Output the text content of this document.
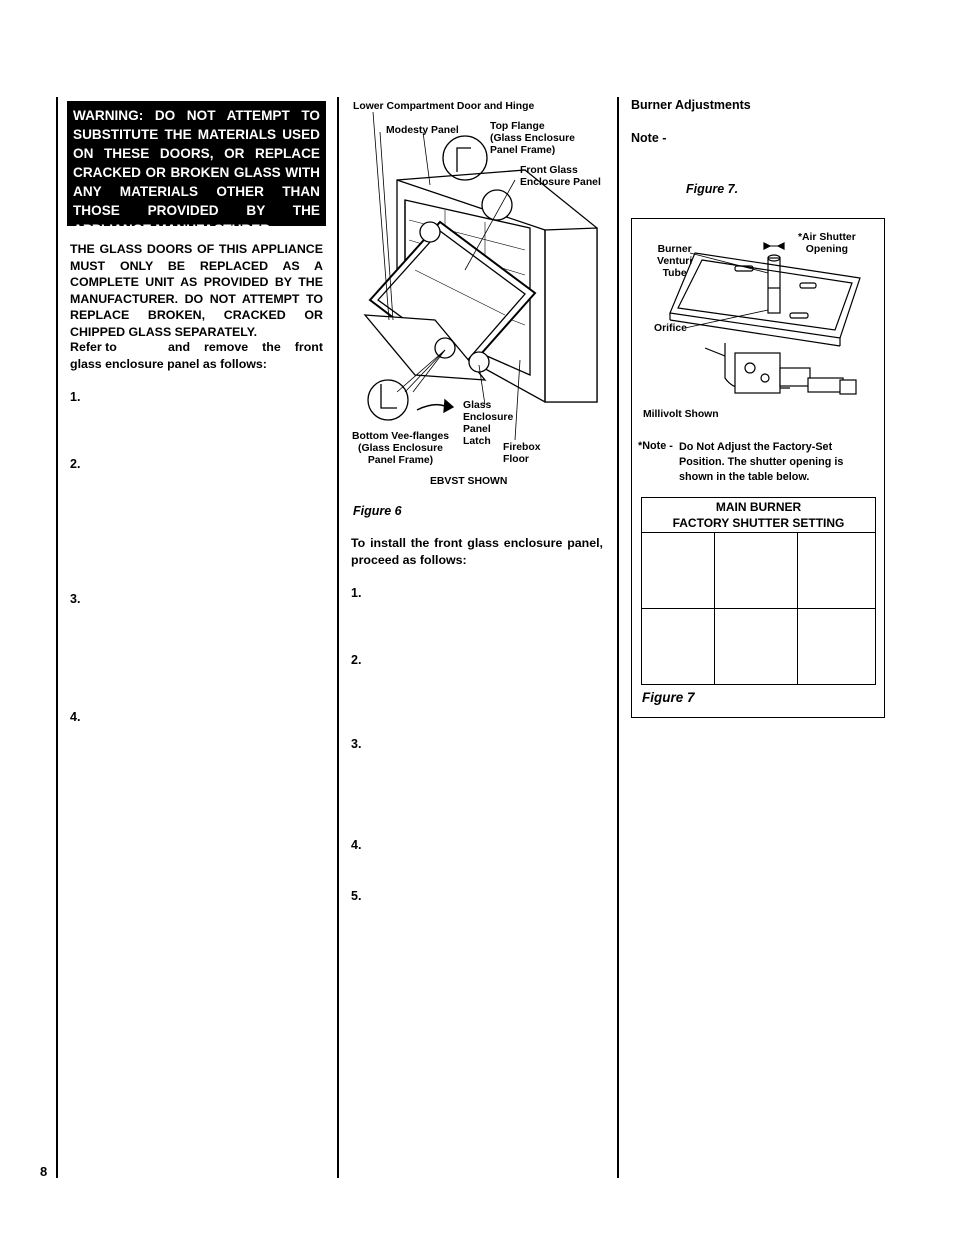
8
WARNING: DO NOT ATTEMPT TO SUBSTITUTE THE MATERIALS USED ON THESE DOORS, OR REPLACE CRACKED OR BROKEN GLASS WITH ANY MATERIALS OTHER THAN THOSE PROVIDED BY THE APPLIANCE MANUFACTURER.
THE GLASS DOORS OF THIS APPLIANCE MUST ONLY BE REPLACED AS A COMPLETE UNIT AS PROVIDED BY THE MANUFACTURER. DO NOT ATTEMPT TO REPLACE BROKEN, CRACKED OR CHIPPED GLASS SEPARATELY.
Refer to	and remove the front glass enclosure panel as follows:
1.
2.
3.
4.
Lower Compartment Door and Hinge
Modesty Panel	Top Flange
(Glass Enclosure
Panel Frame)
Front Glass
Enclosure Panel
Bottom Vee-flanges
(Glass Enclosure
Panel Frame)
Glass
Enclosure
Panel
Latch
Firebox
Floor
EBVST SHOWN
Figure 6
To install the front glass enclosure panel, proceed as follows:
1.
2.
3.
4.
5.
Burner Adjustments
Note -
Figure 7.
Burner
Venturi
Tube
*Air Shutter
Opening
Orifice
Millivolt Shown
*Note - Do Not Adjust the Factory-Set Position. The shutter opening is shown in the table below.
MAIN BURNER
FACTORY SHUTTER SETTING		

Figure 7
